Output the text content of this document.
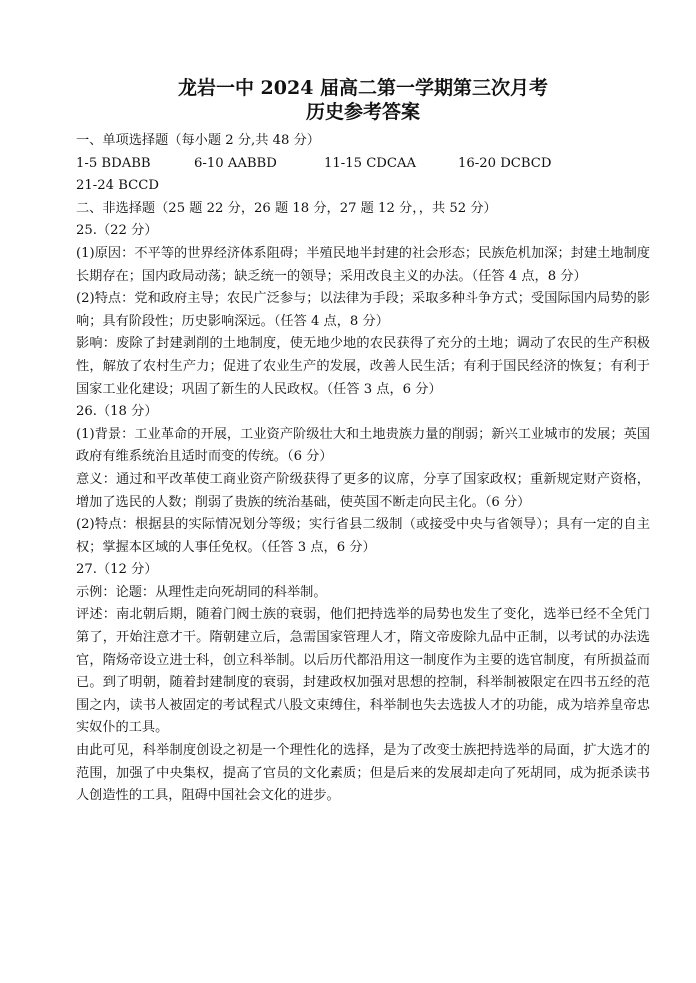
龙岩一中 2024 届高二第一学期第三次月考
历史参考答案

一、单项选择题（每小题 2 分,共 48 分）

1-5 BDABB	6-10 AABBD	11-15 CDCAA	16-20 DCBCD

21-24 BCCD

二、非选择题（25 题 22 分，26 题 18 分，27 题 12 分，，共 52 分）

25.（22 分）

(1)原因：不平等的世界经济体系阻碍；半殖民地半封建的社会形态；民族危机加深；封建土地制度长期存在；国内政局动荡；缺乏统一的领导；采用改良主义的办法。（任答 4 点，8 分）

(2)特点：党和政府主导；农民广泛参与；以法律为手段；采取多种斗争方式；受国际国内局势的影响；具有阶段性；历史影响深远。（任答 4 点，8 分）

影响：废除了封建剥削的土地制度，使无地少地的农民获得了充分的土地；调动了农民的生产积极性，解放了农村生产力；促进了农业生产的发展，改善人民生活；有利于国民经济的恢复；有利于国家工业化建设；巩固了新生的人民政权。（任答 3 点，6 分）

26.（18 分）

(1)背景：工业革命的开展，工业资产阶级壮大和土地贵族力量的削弱；新兴工业城市的发展；英国政府有维系统治且适时而变的传统。（6 分）

意义：通过和平改革使工商业资产阶级获得了更多的议席，分享了国家政权；重新规定财产资格，增加了选民的人数；削弱了贵族的统治基础，使英国不断走向民主化。（6 分）

(2)特点：根据县的实际情况划分等级；实行省县二级制（或接受中央与省领导）；具有一定的自主权；掌握本区域的人事任免权。（任答 3 点，6 分）

27.（12 分）

示例：论题：从理性走向死胡同的科举制。

评述：南北朝后期，随着门阀士族的衰弱，他们把持选举的局势也发生了变化，选举已经不全凭门第了，开始注意才干。隋朝建立后，急需国家管理人才，隋文帝废除九品中正制，以考试的办法选官，隋炀帝设立进士科，创立科举制。以后历代都沿用这一制度作为主要的选官制度，有所损益而已。到了明朝，随着封建制度的衰弱，封建政权加强对思想的控制，科举制被限定在四书五经的范围之内，读书人被固定的考试程式八股文束缚住，科举制也失去选拔人才的功能，成为培养皇帝忠实奴仆的工具。

由此可见，科举制度创设之初是一个理性化的选择，是为了改变士族把持选举的局面，扩大选才的范围，加强了中央集权，提高了官员的文化素质；但是后来的发展却走向了死胡同，成为扼杀读书人创造性的工具，阻碍中国社会文化的进步。
